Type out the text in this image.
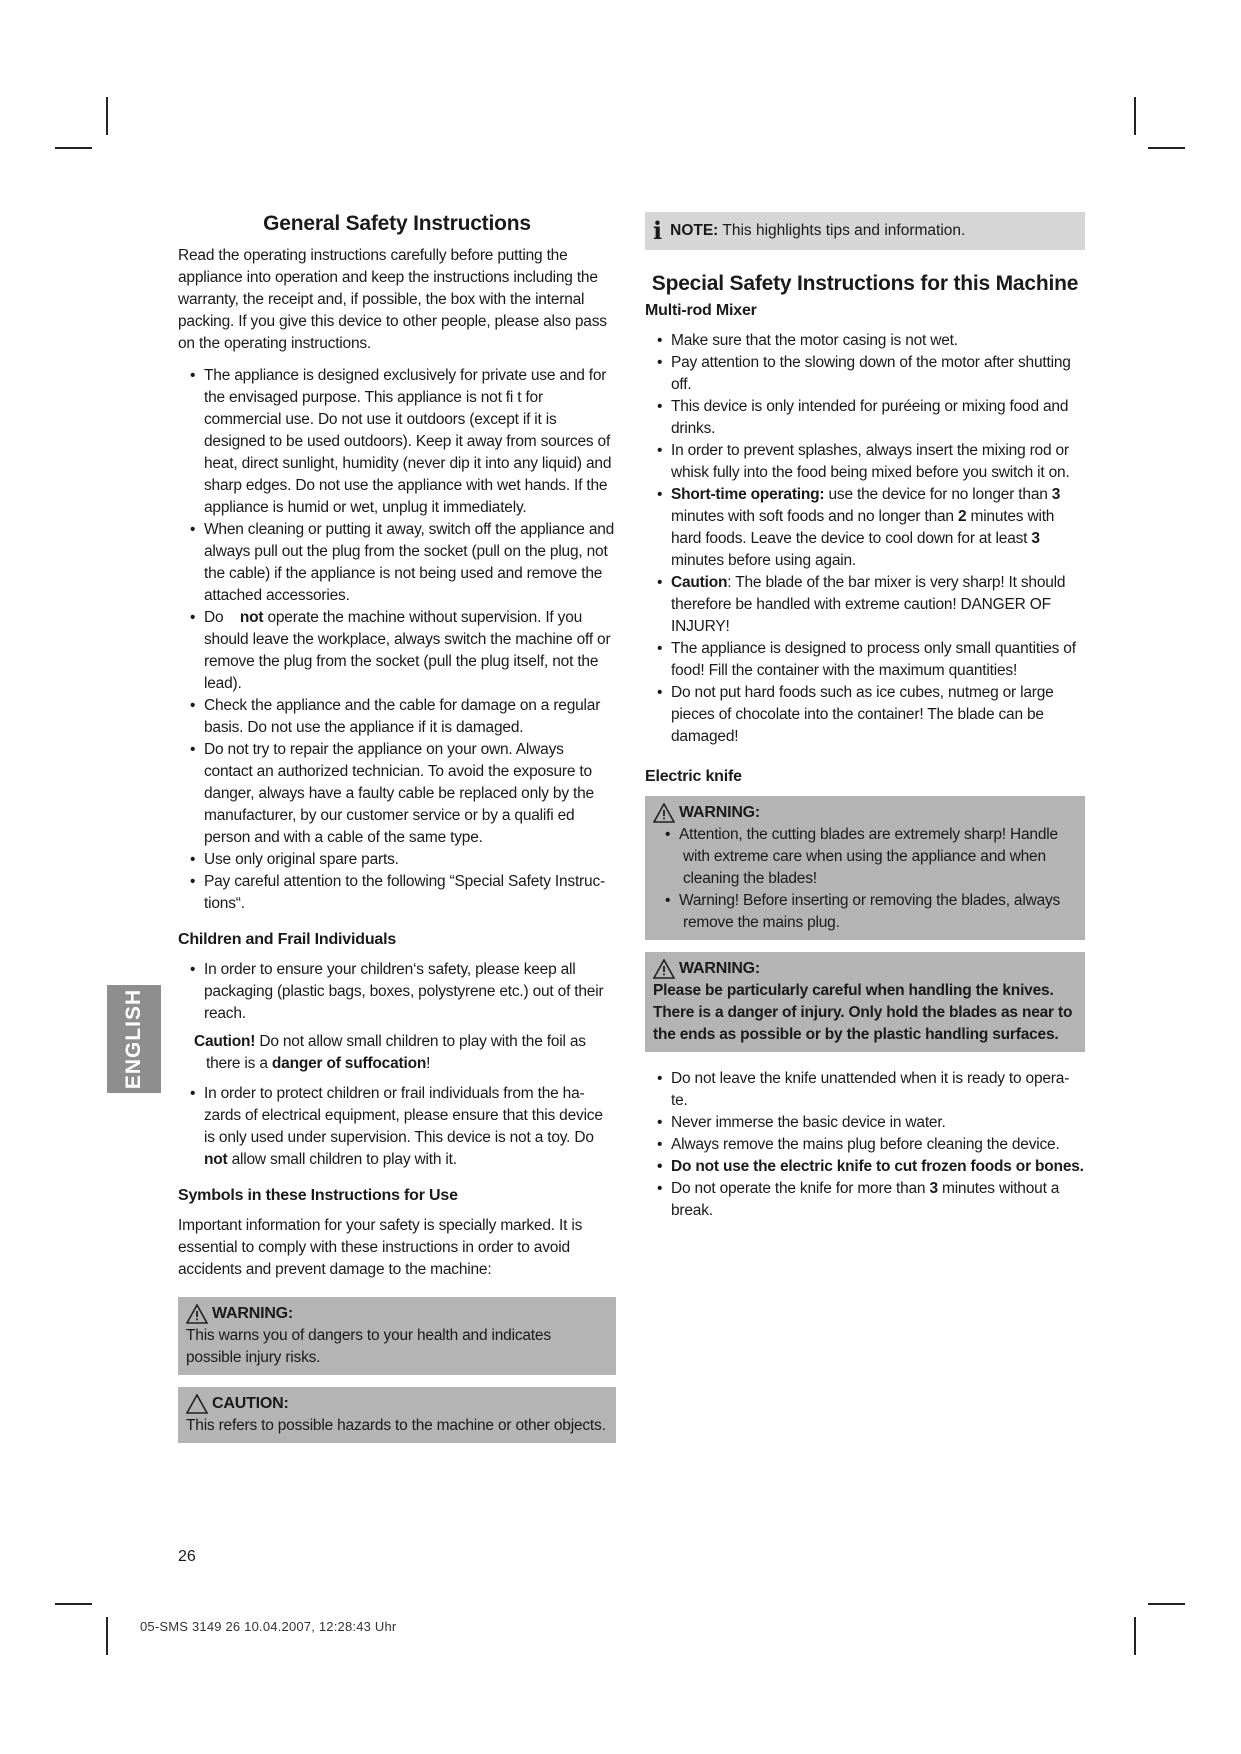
General Safety Instructions

Read the operating instructions carefully before putting the appliance into operation and keep the instructions including the warranty, the receipt and, if possible, the box with the internal packing. If you give this device to other people, please also pass on the operating instructions.

• The appliance is designed exclusively for private use and for the envisaged purpose. This appliance is not fi t for commercial use. Do not use it outdoors (except if it is designed to be used outdoors). Keep it away from sources of heat, direct sunlight, humidity (never dip it into any liquid) and sharp edges. Do not use the appliance with wet hands. If the appliance is humid or wet, unplug it immediately.
• When cleaning or putting it away, switch off the appliance and always pull out the plug from the socket (pull on the plug, not the cable) if the appliance is not being used and remove the attached accessories.
• Do not operate the machine without supervision. If you should leave the workplace, always switch the machine off or remove the plug from the socket (pull the plug itself, not the lead).
• Check the appliance and the cable for damage on a regular basis. Do not use the appliance if it is damaged.
• Do not try to repair the appliance on your own. Always contact an authorized technician. To avoid the exposure to danger, always have a faulty cable be replaced only by the manufacturer, by our customer service or by a qualifi ed person and with a cable of the same type.
• Use only original spare parts.
• Pay careful attention to the following “Special Safety Instruc- tions“.
Children and Frail Individuals
• In order to ensure your children‘s safety, please keep all packaging (plastic bags, boxes, polystyrene etc.) out of their reach.
Caution! Do not allow small children to play with the foil as there is a danger of suffocation!
• In order to protect children or frail individuals from the ha- zards of electrical equipment, please ensure that this device is only used under supervision. This device is not a toy. Do not allow small children to play with it.
Symbols in these Instructions for Use

Important information for your safety is specially marked. It is essential to comply with these instructions in order to avoid accidents and prevent damage to the machine:

WARNING:
This warns you of dangers to your health and indicates possible injury risks.
CAUTION:
This refers to possible hazards to the machine or other objects.
i NOTE: This highlights tips and information.
Special Safety Instructions for this Machine
Multi-rod Mixer
• Make sure that the motor casing is not wet.
• Pay attention to the slowing down of the motor after shutting off.
• This device is only intended for puréeing or mixing food and drinks.
• In order to prevent splashes, always insert the mixing rod or whisk fully into the food being mixed before you switch it on.
• Short-time operating: use the device for no longer than 3 minutes with soft foods and no longer than 2 minutes with hard foods. Leave the device to cool down for at least 3 minutes before using again.
• Caution: The blade of the bar mixer is very sharp! It should therefore be handled with extreme caution! DANGER OF INJURY!
• The appliance is designed to process only small quantities of food! Fill the container with the maximum quantities!
• Do not put hard foods such as ice cubes, nutmeg or large pieces of chocolate into the container! The blade can be damaged!
Electric knife
WARNING:
• Attention, the cutting blades are extremely sharp! Handle with extreme care when using the appliance and when cleaning the blades!
• Warning! Before inserting or removing the blades, always remove the mains plug.
WARNING:
Please be particularly careful when handling the knives. There is a danger of injury. Only hold the blades as near to the ends as possible or by the plastic handling surfaces.
• Do not leave the knife unattended when it is ready to opera- te.
• Never immerse the basic device in water.
• Always remove the mains plug before cleaning the device.
• Do not use the electric knife to cut frozen foods or bones.
• Do not operate the knife for more than 3 minutes without a break.
ENGLISH
26
05-SMS 3149 26 10.04.2007, 12:28:43 Uhr
